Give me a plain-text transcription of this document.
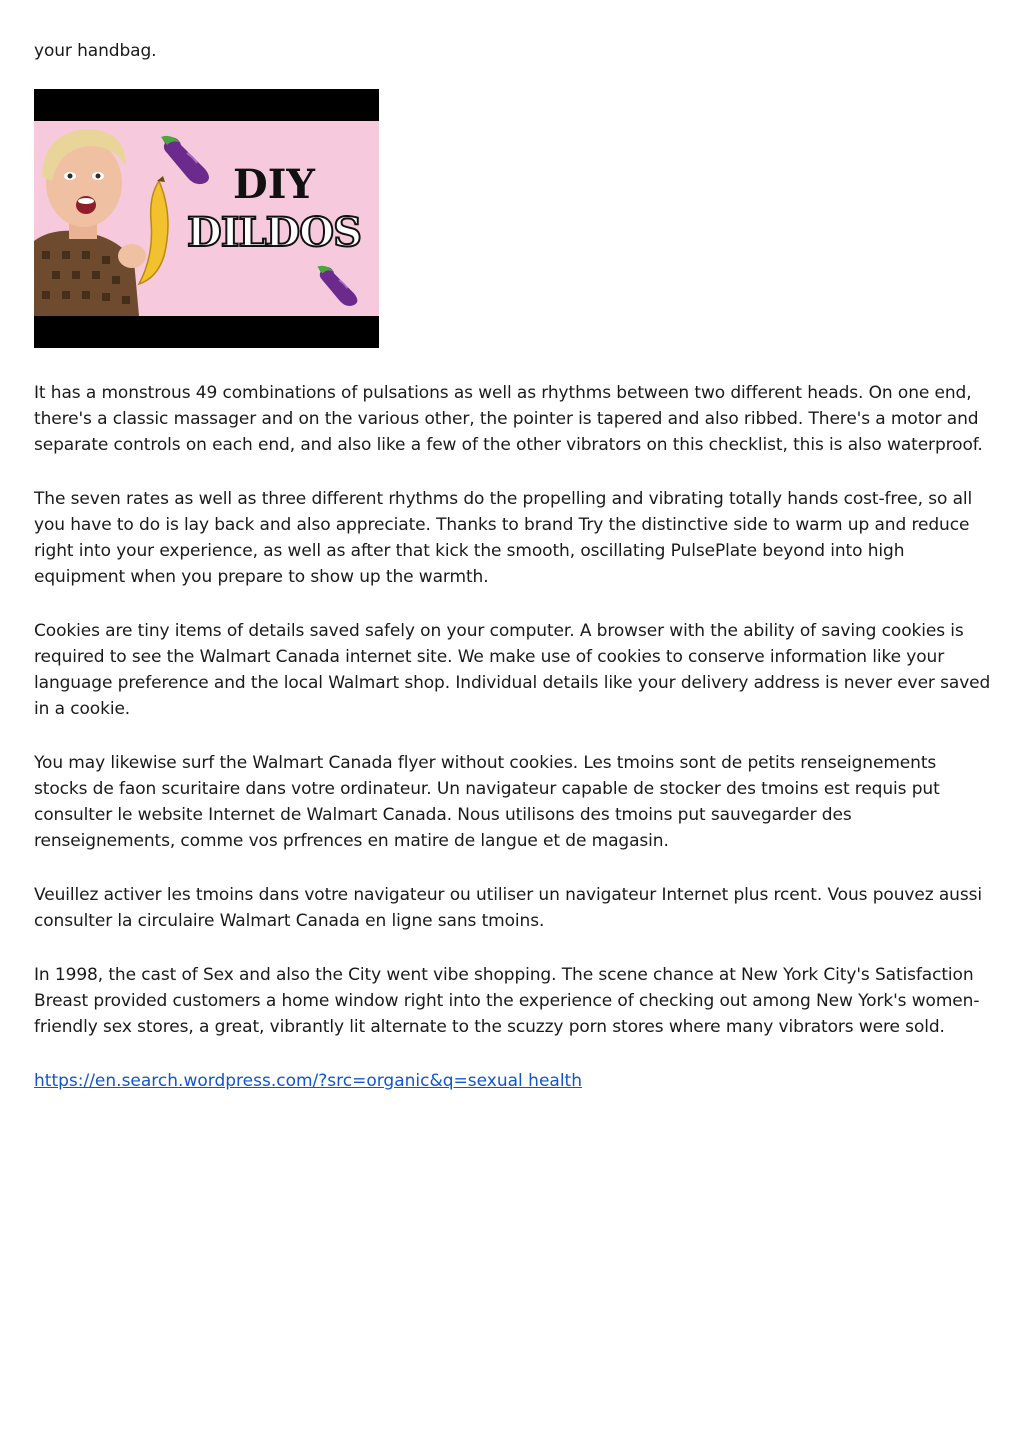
your handbag.

DIY
DILDOS

It has a monstrous 49 combinations of pulsations as well as rhythms between two different heads. On one end, there's a classic massager and on the various other, the pointer is tapered and also ribbed. There's a motor and separate controls on each end, and also like a few of the other vibrators on this checklist, this is also waterproof.

The seven rates as well as three different rhythms do the propelling and vibrating totally hands cost-free, so all you have to do is lay back and also appreciate. Thanks to brand Try the distinctive side to warm up and reduce right into your experience, as well as after that kick the smooth, oscillating PulsePlate beyond into high equipment when you prepare to show up the warmth.

Cookies are tiny items of details saved safely on your computer. A browser with the ability of saving cookies is required to see the Walmart Canada internet site. We make use of cookies to conserve information like your language preference and the local Walmart shop. Individual details like your delivery address is never ever saved in a cookie.

You may likewise surf the Walmart Canada flyer without cookies. Les tmoins sont de petits renseignements stocks de faon scuritaire dans votre ordinateur. Un navigateur capable de stocker des tmoins est requis put consulter le website Internet de Walmart Canada. Nous utilisons des tmoins put sauvegarder des renseignements, comme vos prfrences en matire de langue et de magasin.

Veuillez activer les tmoins dans votre navigateur ou utiliser un navigateur Internet plus rcent. Vous pouvez aussi consulter la circulaire Walmart Canada en ligne sans tmoins.

In 1998, the cast of Sex and also the City went vibe shopping. The scene chance at New York City's Satisfaction Breast provided customers a home window right into the experience of checking out among New York's women-friendly sex stores, a great, vibrantly lit alternate to the scuzzy porn stores where many vibrators were sold.

https://en.search.wordpress.com/?src=organic&q=sexual health
